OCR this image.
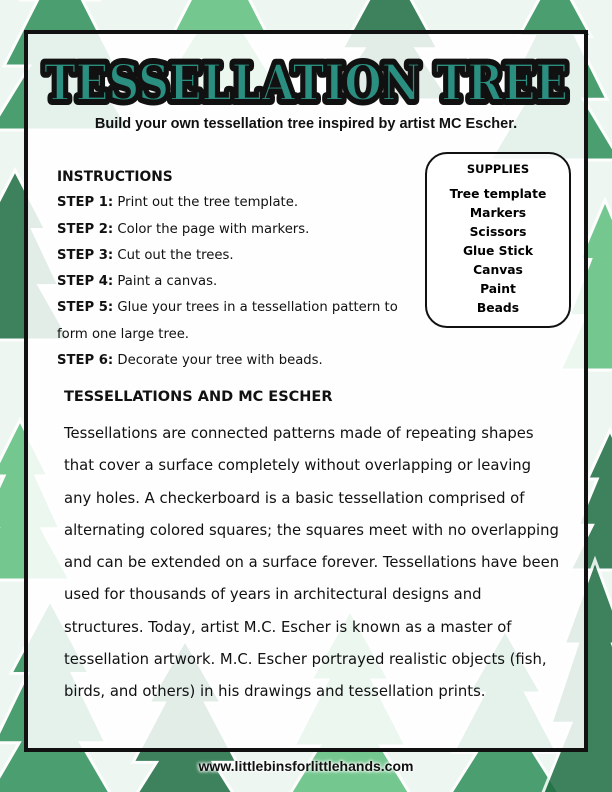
TESSELLATION TREE
TESSELLATION TREE
Build your own tessellation tree inspired by artist MC Escher.
INSTRUCTIONS
STEP 1: Print out the tree template.
STEP 2: Color the page with markers.
STEP 3: Cut out the trees.
STEP 4: Paint a canvas.
STEP 5: Glue your trees in a tessellation pattern to form one large tree.
STEP 6: Decorate your tree with beads.
SUPPLIES
Tree template
Markers
Scissors
Glue Stick
Canvas
Paint
Beads
TESSELLATIONS AND MC ESCHER
Tessellations are connected patterns made of repeating shapes
that cover a surface completely without overlapping or leaving
any holes. A checkerboard is a basic tessellation comprised of
alternating colored squares; the squares meet with no overlapping
and can be extended on a surface forever. Tessellations have been
used for thousands of years in architectural designs and
structures. Today, artist M.C. Escher is known as a master of
tessellation artwork. M.C. Escher portrayed realistic objects (fish,
birds, and others) in his drawings and tessellation prints.
www.littlebinsforlittlehands.com
